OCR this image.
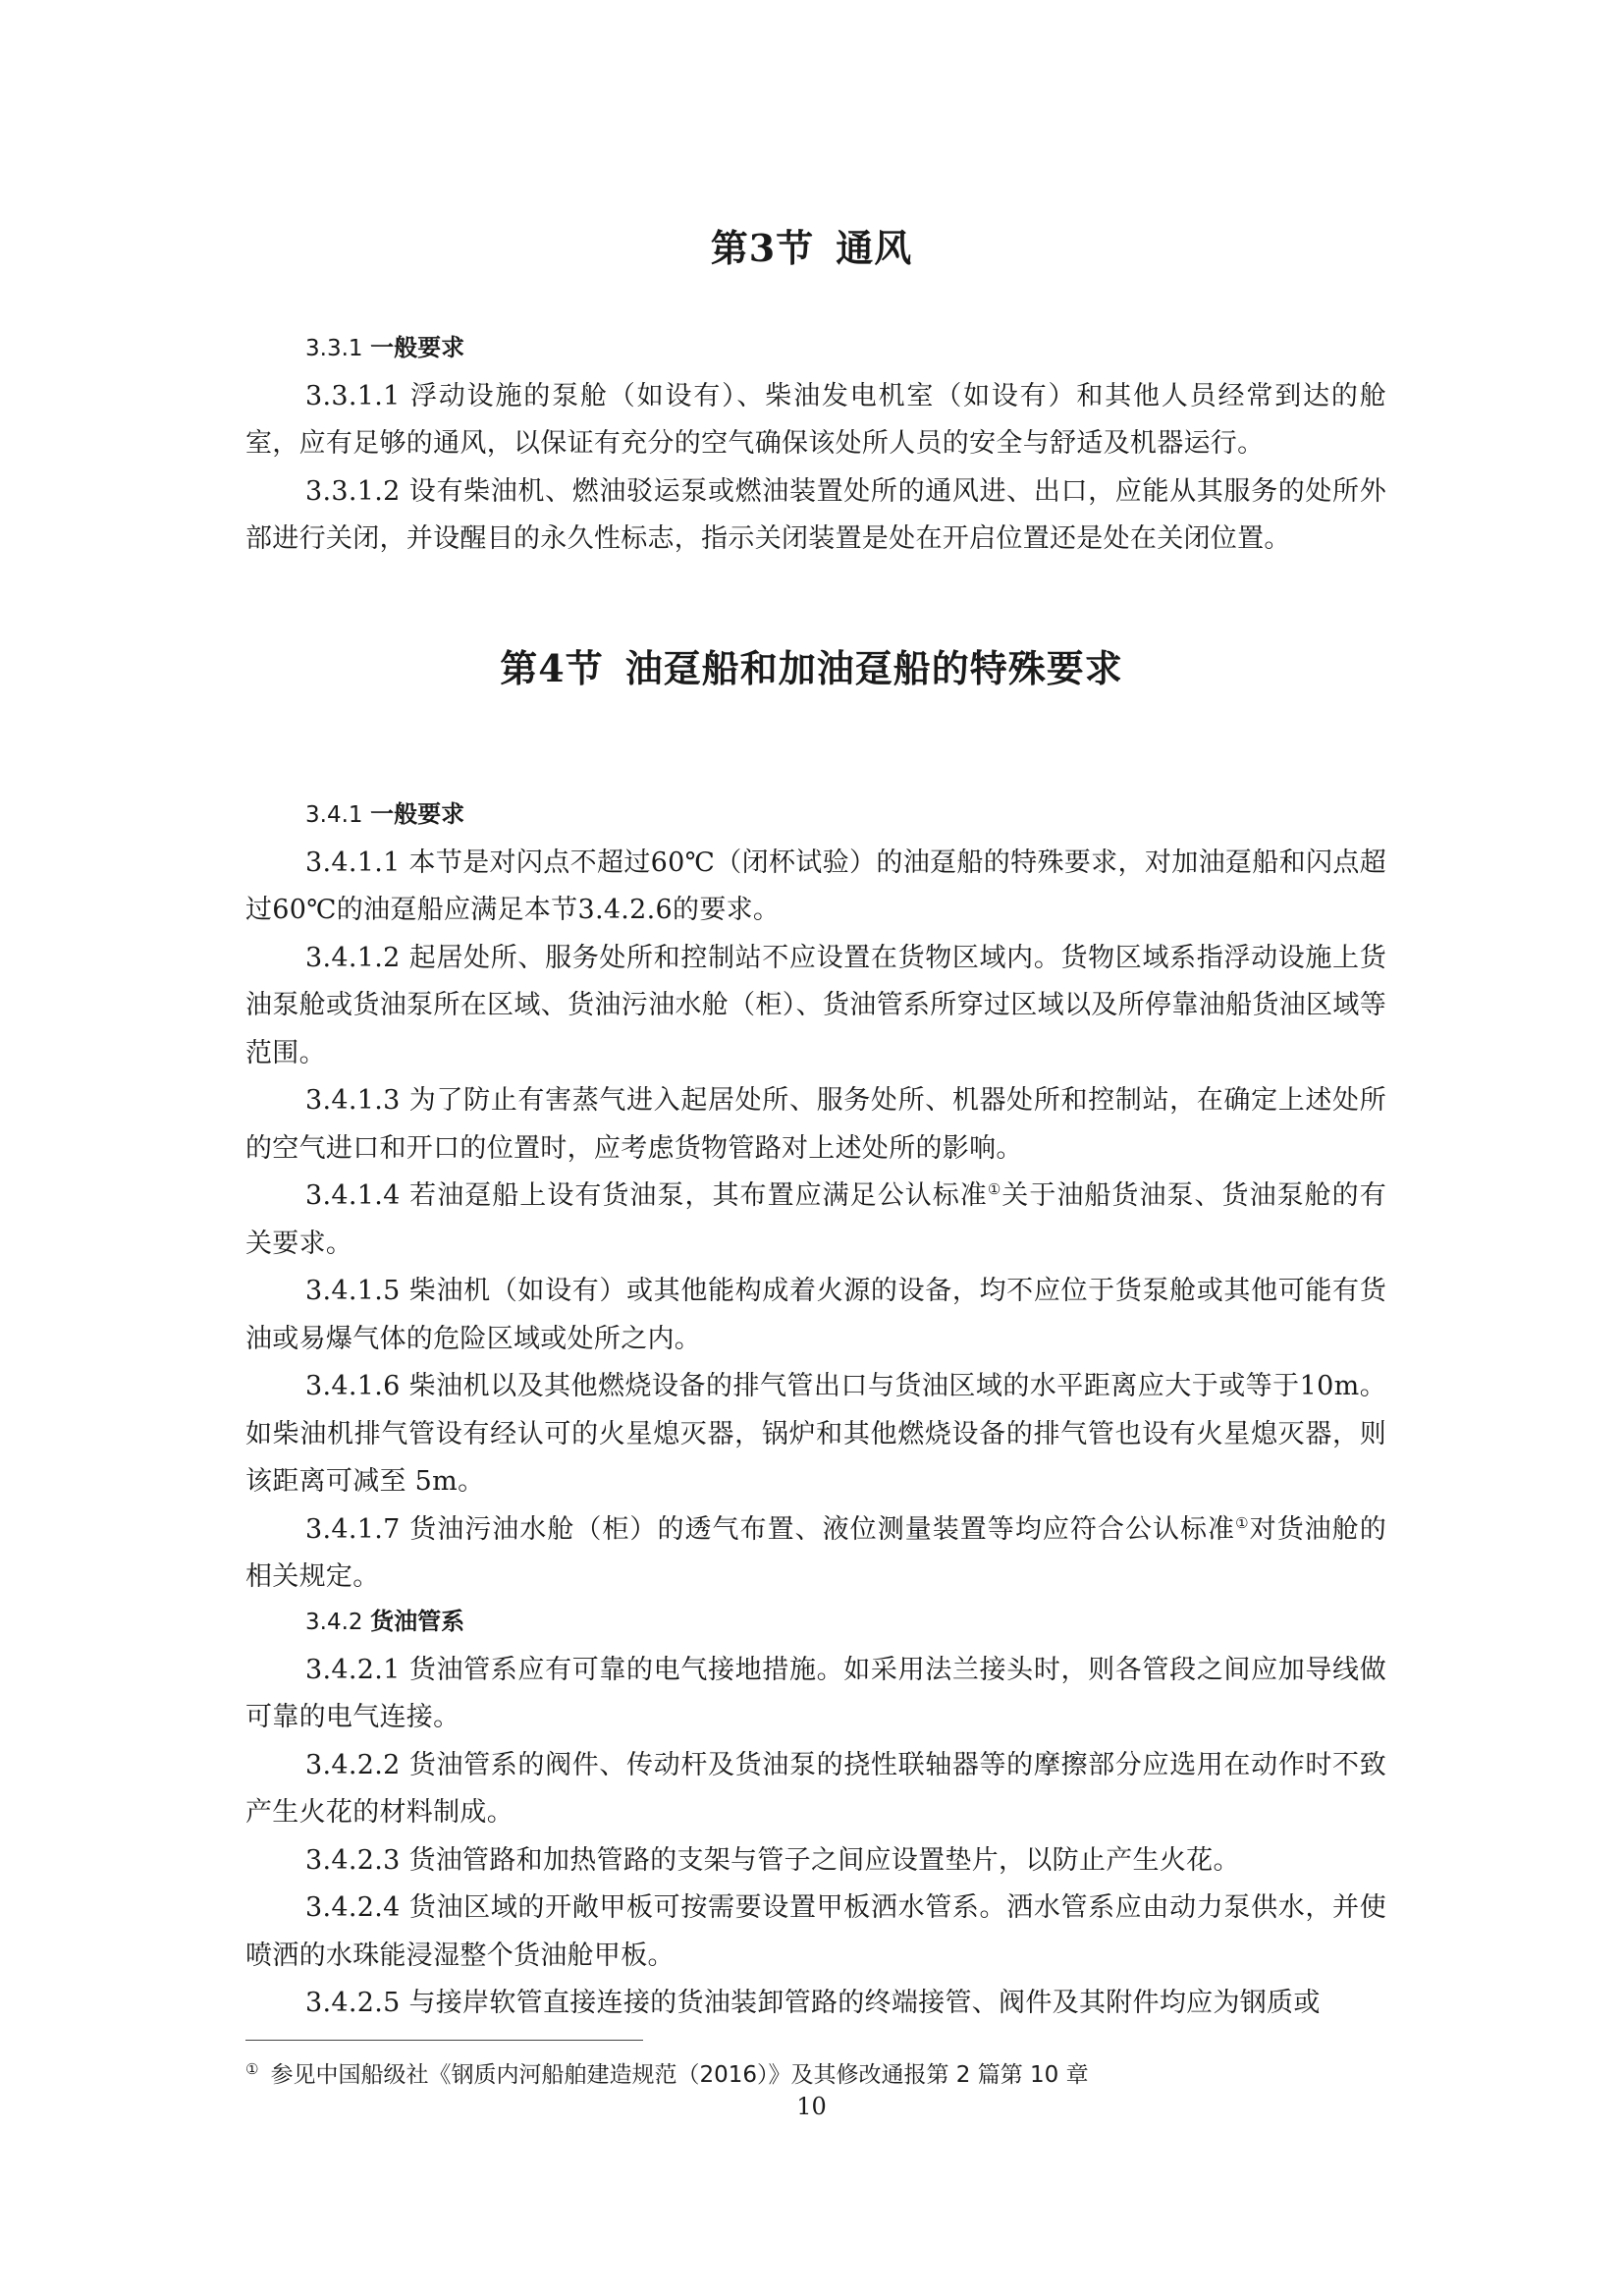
第3节 通风

3.3.1 一般要求

3.3.1.1 浮动设施的泵舱（如设有）、柴油发电机室（如设有）和其他人员经常到达的舱室，应有足够的通风，以保证有充分的空气确保该处所人员的安全与舒适及机器运行。

3.3.1.2 设有柴油机、燃油驳运泵或燃油装置处所的通风进、出口，应能从其服务的处所外部进行关闭，并设醒目的永久性标志，指示关闭装置是处在开启位置还是处在关闭位置。

第4节 油趸船和加油趸船的特殊要求

3.4.1 一般要求

3.4.1.1 本节是对闪点不超过60℃（闭杯试验）的油趸船的特殊要求，对加油趸船和闪点超过60℃的油趸船应满足本节3.4.2.6的要求。

3.4.1.2 起居处所、服务处所和控制站不应设置在货物区域内。货物区域系指浮动设施上货油泵舱或货油泵所在区域、货油污油水舱（柜）、货油管系所穿过区域以及所停靠油船货油区域等范围。

3.4.1.3 为了防止有害蒸气进入起居处所、服务处所、机器处所和控制站，在确定上述处所的空气进口和开口的位置时，应考虑货物管路对上述处所的影响。

3.4.1.4 若油趸船上设有货油泵，其布置应满足公认标准①关于油船货油泵、货油泵舱的有关要求。

3.4.1.5 柴油机（如设有）或其他能构成着火源的设备，均不应位于货泵舱或其他可能有货油或易爆气体的危险区域或处所之内。

3.4.1.6 柴油机以及其他燃烧设备的排气管出口与货油区域的水平距离应大于或等于10m。如柴油机排气管设有经认可的火星熄灭器，锅炉和其他燃烧设备的排气管也设有火星熄灭器，则该距离可减至 5m。

3.4.1.7 货油污油水舱（柜）的透气布置、液位测量装置等均应符合公认标准①对货油舱的相关规定。

3.4.2 货油管系

3.4.2.1 货油管系应有可靠的电气接地措施。如采用法兰接头时，则各管段之间应加导线做可靠的电气连接。

3.4.2.2 货油管系的阀件、传动杆及货油泵的挠性联轴器等的摩擦部分应选用在动作时不致产生火花的材料制成。

3.4.2.3 货油管路和加热管路的支架与管子之间应设置垫片，以防止产生火花。

3.4.2.4 货油区域的开敞甲板可按需要设置甲板洒水管系。洒水管系应由动力泵供水，并使喷洒的水珠能浸湿整个货油舱甲板。

3.4.2.5 与接岸软管直接连接的货油装卸管路的终端接管、阀件及其附件均应为钢质或

① 参见中国船级社《钢质内河船舶建造规范（2016）》及其修改通报第 2 篇第 10 章
10
